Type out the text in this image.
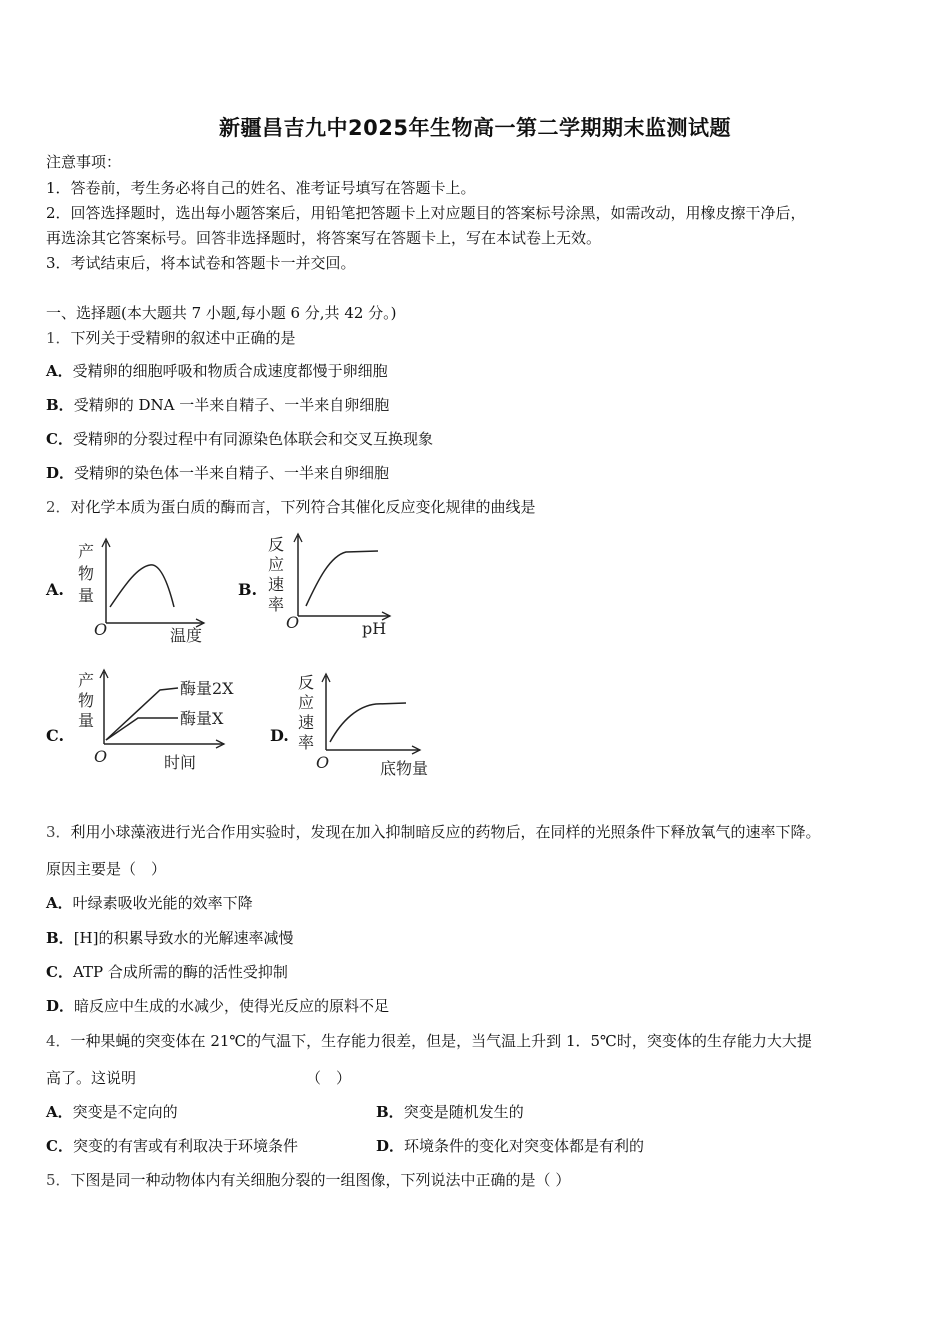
新疆昌吉九中2025年生物高一第二学期期末监测试题
注意事项：
1．答卷前，考生务必将自己的姓名、准考证号填写在答题卡上。
2．回答选择题时，选出每小题答案后，用铅笔把答题卡上对应题目的答案标号涂黑，如需改动，用橡皮擦干净后，
再选涂其它答案标号。回答非选择题时，将答案写在答题卡上，写在本试卷上无效。
3．考试结束后，将本试卷和答题卡一并交回。
一、选择题(本大题共 7 小题,每小题 6 分,共 42 分。)
1．下列关于受精卵的叙述中正确的是
A．受精卵的细胞呼吸和物质合成速度都慢于卵细胞
B．受精卵的 DNA 一半来自精子、一半来自卵细胞
C．受精卵的分裂过程中有同源染色体联会和交叉互换现象
D．受精卵的染色体一半来自精子、一半来自卵细胞
2．对化学本质为蛋白质的酶而言，下列符合其催化反应变化规律的曲线是
A.
产
物
量
O	温度
B.
反
应
速
率
O	pH
C.
产
物
量
酶量2X
酶量X
O	时间
D.
反
应
速
率
O	底物量
3．利用小球藻液进行光合作用实验时，发现在加入抑制暗反应的药物后，在同样的光照条件下释放氧气的速率下降。
原因主要是（　）
A．叶绿素吸收光能的效率下降
B．[H]的积累导致水的光解速率减慢
C．ATP 合成所需的酶的活性受抑制
D．暗反应中生成的水减少，使得光反应的原料不足
4．一种果蝇的突变体在 21℃的气温下，生存能力很差，但是，当气温上升到 1．5℃时，突变体的生存能力大大提
高了。这说明	（　）
A．突变是不定向的	B．突变是随机发生的
C．突变的有害或有利取决于环境条件	D．环境条件的变化对突变体都是有利的
5．下图是同一种动物体内有关细胞分裂的一组图像，下列说法中正确的是（ ）
